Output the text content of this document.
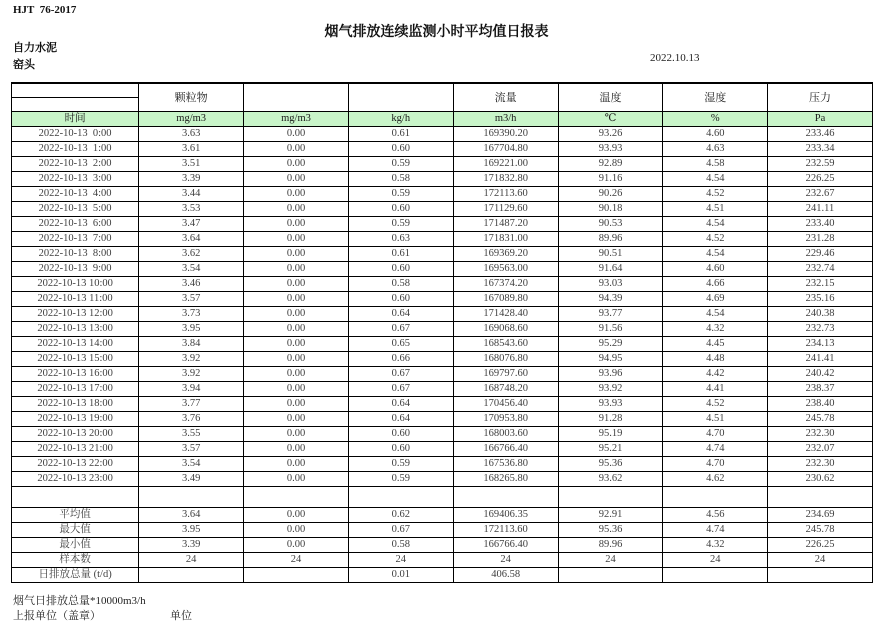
HJT  76-2017
烟气排放连续监测小时平均值日报表
自力水泥
窑头
2022.10.13
	颗粒物			流量	温度	湿度	压力

时间	mg/m3	mg/m3	kg/h	m3/h	℃	%	Pa
2022-10-13  0:00	3.63	0.00	0.61	169390.20	93.26	4.60	233.46
2022-10-13  1:00	3.61	0.00	0.60	167704.80	93.93	4.63	233.34
2022-10-13  2:00	3.51	0.00	0.59	169221.00	92.89	4.58	232.59
2022-10-13  3:00	3.39	0.00	0.58	171832.80	91.16	4.54	226.25
2022-10-13  4:00	3.44	0.00	0.59	172113.60	90.26	4.52	232.67
2022-10-13  5:00	3.53	0.00	0.60	171129.60	90.18	4.51	241.11
2022-10-13  6:00	3.47	0.00	0.59	171487.20	90.53	4.54	233.40
2022-10-13  7:00	3.64	0.00	0.63	171831.00	89.96	4.52	231.28
2022-10-13  8:00	3.62	0.00	0.61	169369.20	90.51	4.54	229.46
2022-10-13  9:00	3.54	0.00	0.60	169563.00	91.64	4.60	232.74
2022-10-13 10:00	3.46	0.00	0.58	167374.20	93.03	4.66	232.15
2022-10-13 11:00	3.57	0.00	0.60	167089.80	94.39	4.69	235.16
2022-10-13 12:00	3.73	0.00	0.64	171428.40	93.77	4.54	240.38
2022-10-13 13:00	3.95	0.00	0.67	169068.60	91.56	4.32	232.73
2022-10-13 14:00	3.84	0.00	0.65	168543.60	95.29	4.45	234.13
2022-10-13 15:00	3.92	0.00	0.66	168076.80	94.95	4.48	241.41
2022-10-13 16:00	3.92	0.00	0.67	169797.60	93.96	4.42	240.42
2022-10-13 17:00	3.94	0.00	0.67	168748.20	93.92	4.41	238.37
2022-10-13 18:00	3.77	0.00	0.64	170456.40	93.93	4.52	238.40
2022-10-13 19:00	3.76	0.00	0.64	170953.80	91.28	4.51	245.78
2022-10-13 20:00	3.55	0.00	0.60	168003.60	95.19	4.70	232.30
2022-10-13 21:00	3.57	0.00	0.60	166766.40	95.21	4.74	232.07
2022-10-13 22:00	3.54	0.00	0.59	167536.80	95.36	4.70	232.30
2022-10-13 23:00	3.49	0.00	0.59	168265.80	93.62	4.62	230.62

平均值	3.64	0.00	0.62	169406.35	92.91	4.56	234.69
最大值	3.95	0.00	0.67	172113.60	95.36	4.74	245.78
最小值	3.39	0.00	0.58	166766.40	89.96	4.32	226.25
样本数	24	24	24	24	24	24	24
日排放总量 (t/d)			0.01	406.58			
烟气日排放总量*10000m3/h
上报单位（盖章）	单位
